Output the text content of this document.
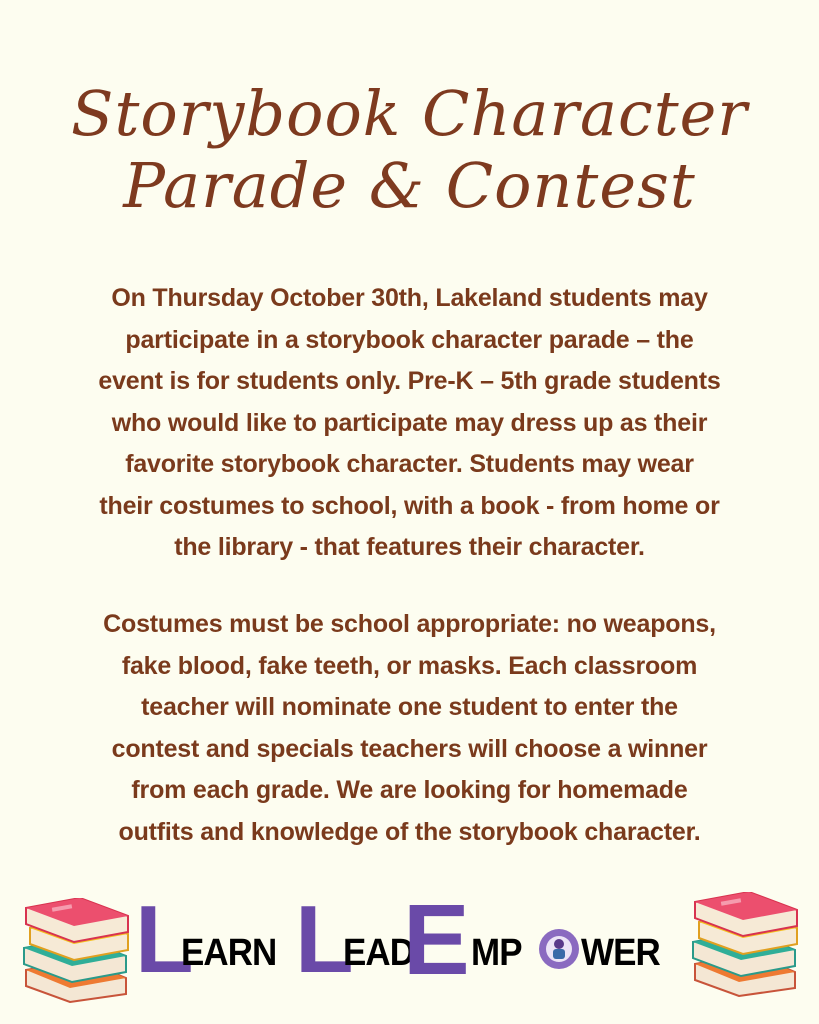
Storybook Character
Parade & Contest
On Thursday October 30th, Lakeland students may
participate in a storybook character parade – the
event is for students only. Pre-K – 5th grade students
who would like to participate may dress up as their
favorite storybook character. Students may wear
their costumes to school, with a book - from home or
the library - that features their character.
Costumes must be school appropriate: no weapons,
fake blood, fake teeth, or masks. Each classroom
teacher will nominate one student to enter the
contest and specials teachers will choose a winner
from each grade. We are looking for homemade
outfits and knowledge of the storybook character.
L
EARN L
EAD
E MP WER
